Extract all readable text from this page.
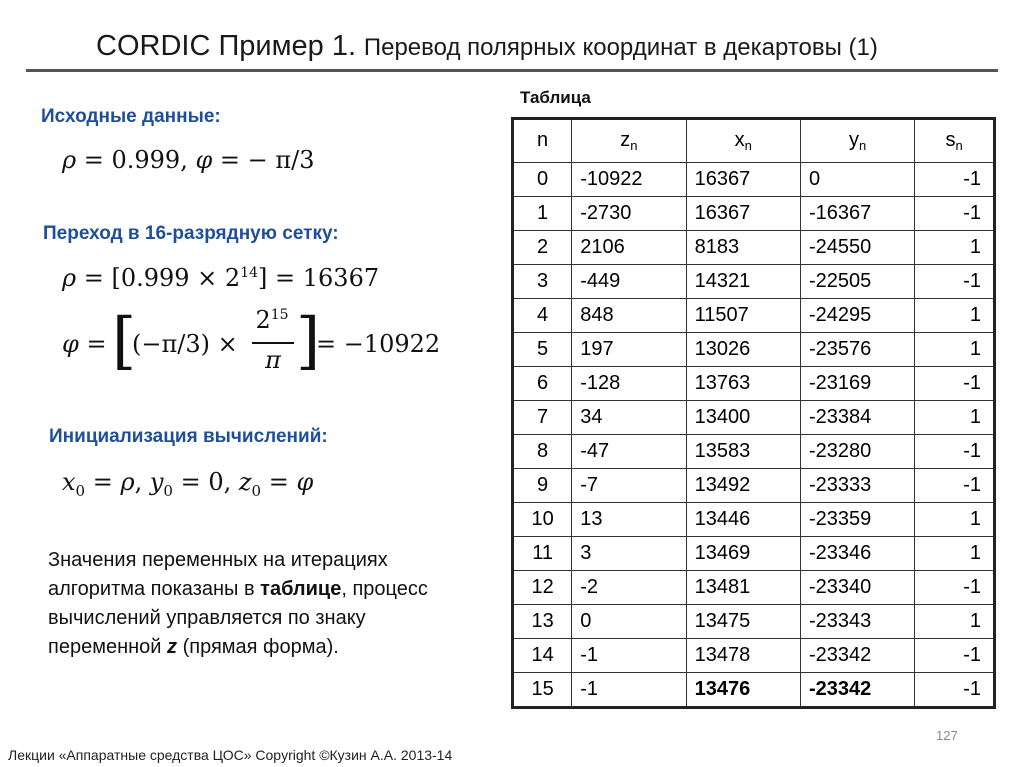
CORDIC Пример 1. Перевод полярных координат в декартовы (1)
Исходные данные:
ρ = 0.999, φ = − π/3
Переход в 16-разрядную сетку:
$\rho = [0.999 \times 2^{14}] = 16367$
φ = [
(−π/3) ×
$2^{15}$
π ]
= −10922
Инициализация вычислений:
$x_0 = \rho$, $y_0 = 0$, $z_0 = \varphi$
Значения переменных на итерациях алгоритма показаны в таблице, процесс вычислений управляется по знаку переменной z (прямая форма).
Таблица
n	$z_n$	$x_n$	$y_n$	$s_n$
0	-10922	16367	0	-1
1	-2730	16367	-16367	-1
2	2106	8183	-24550	1
3	-449	14321	-22505	-1
4	848	11507	-24295	1
5	197	13026	-23576	1
6	-128	13763	-23169	-1
7	34	13400	-23384	1
8	-47	13583	-23280	-1
9	-7	13492	-23333	-1
10	13	13446	-23359	1
11	3	13469	-23346	1
12	-2	13481	-23340	-1
13	0	13475	-23343	1
14	-1	13478	-23342	-1
15	-1	13476	-23342	-1
127
Лекции «Аппаратные средства ЦОС» Copyright ©Кузин А.А. 2013-14
